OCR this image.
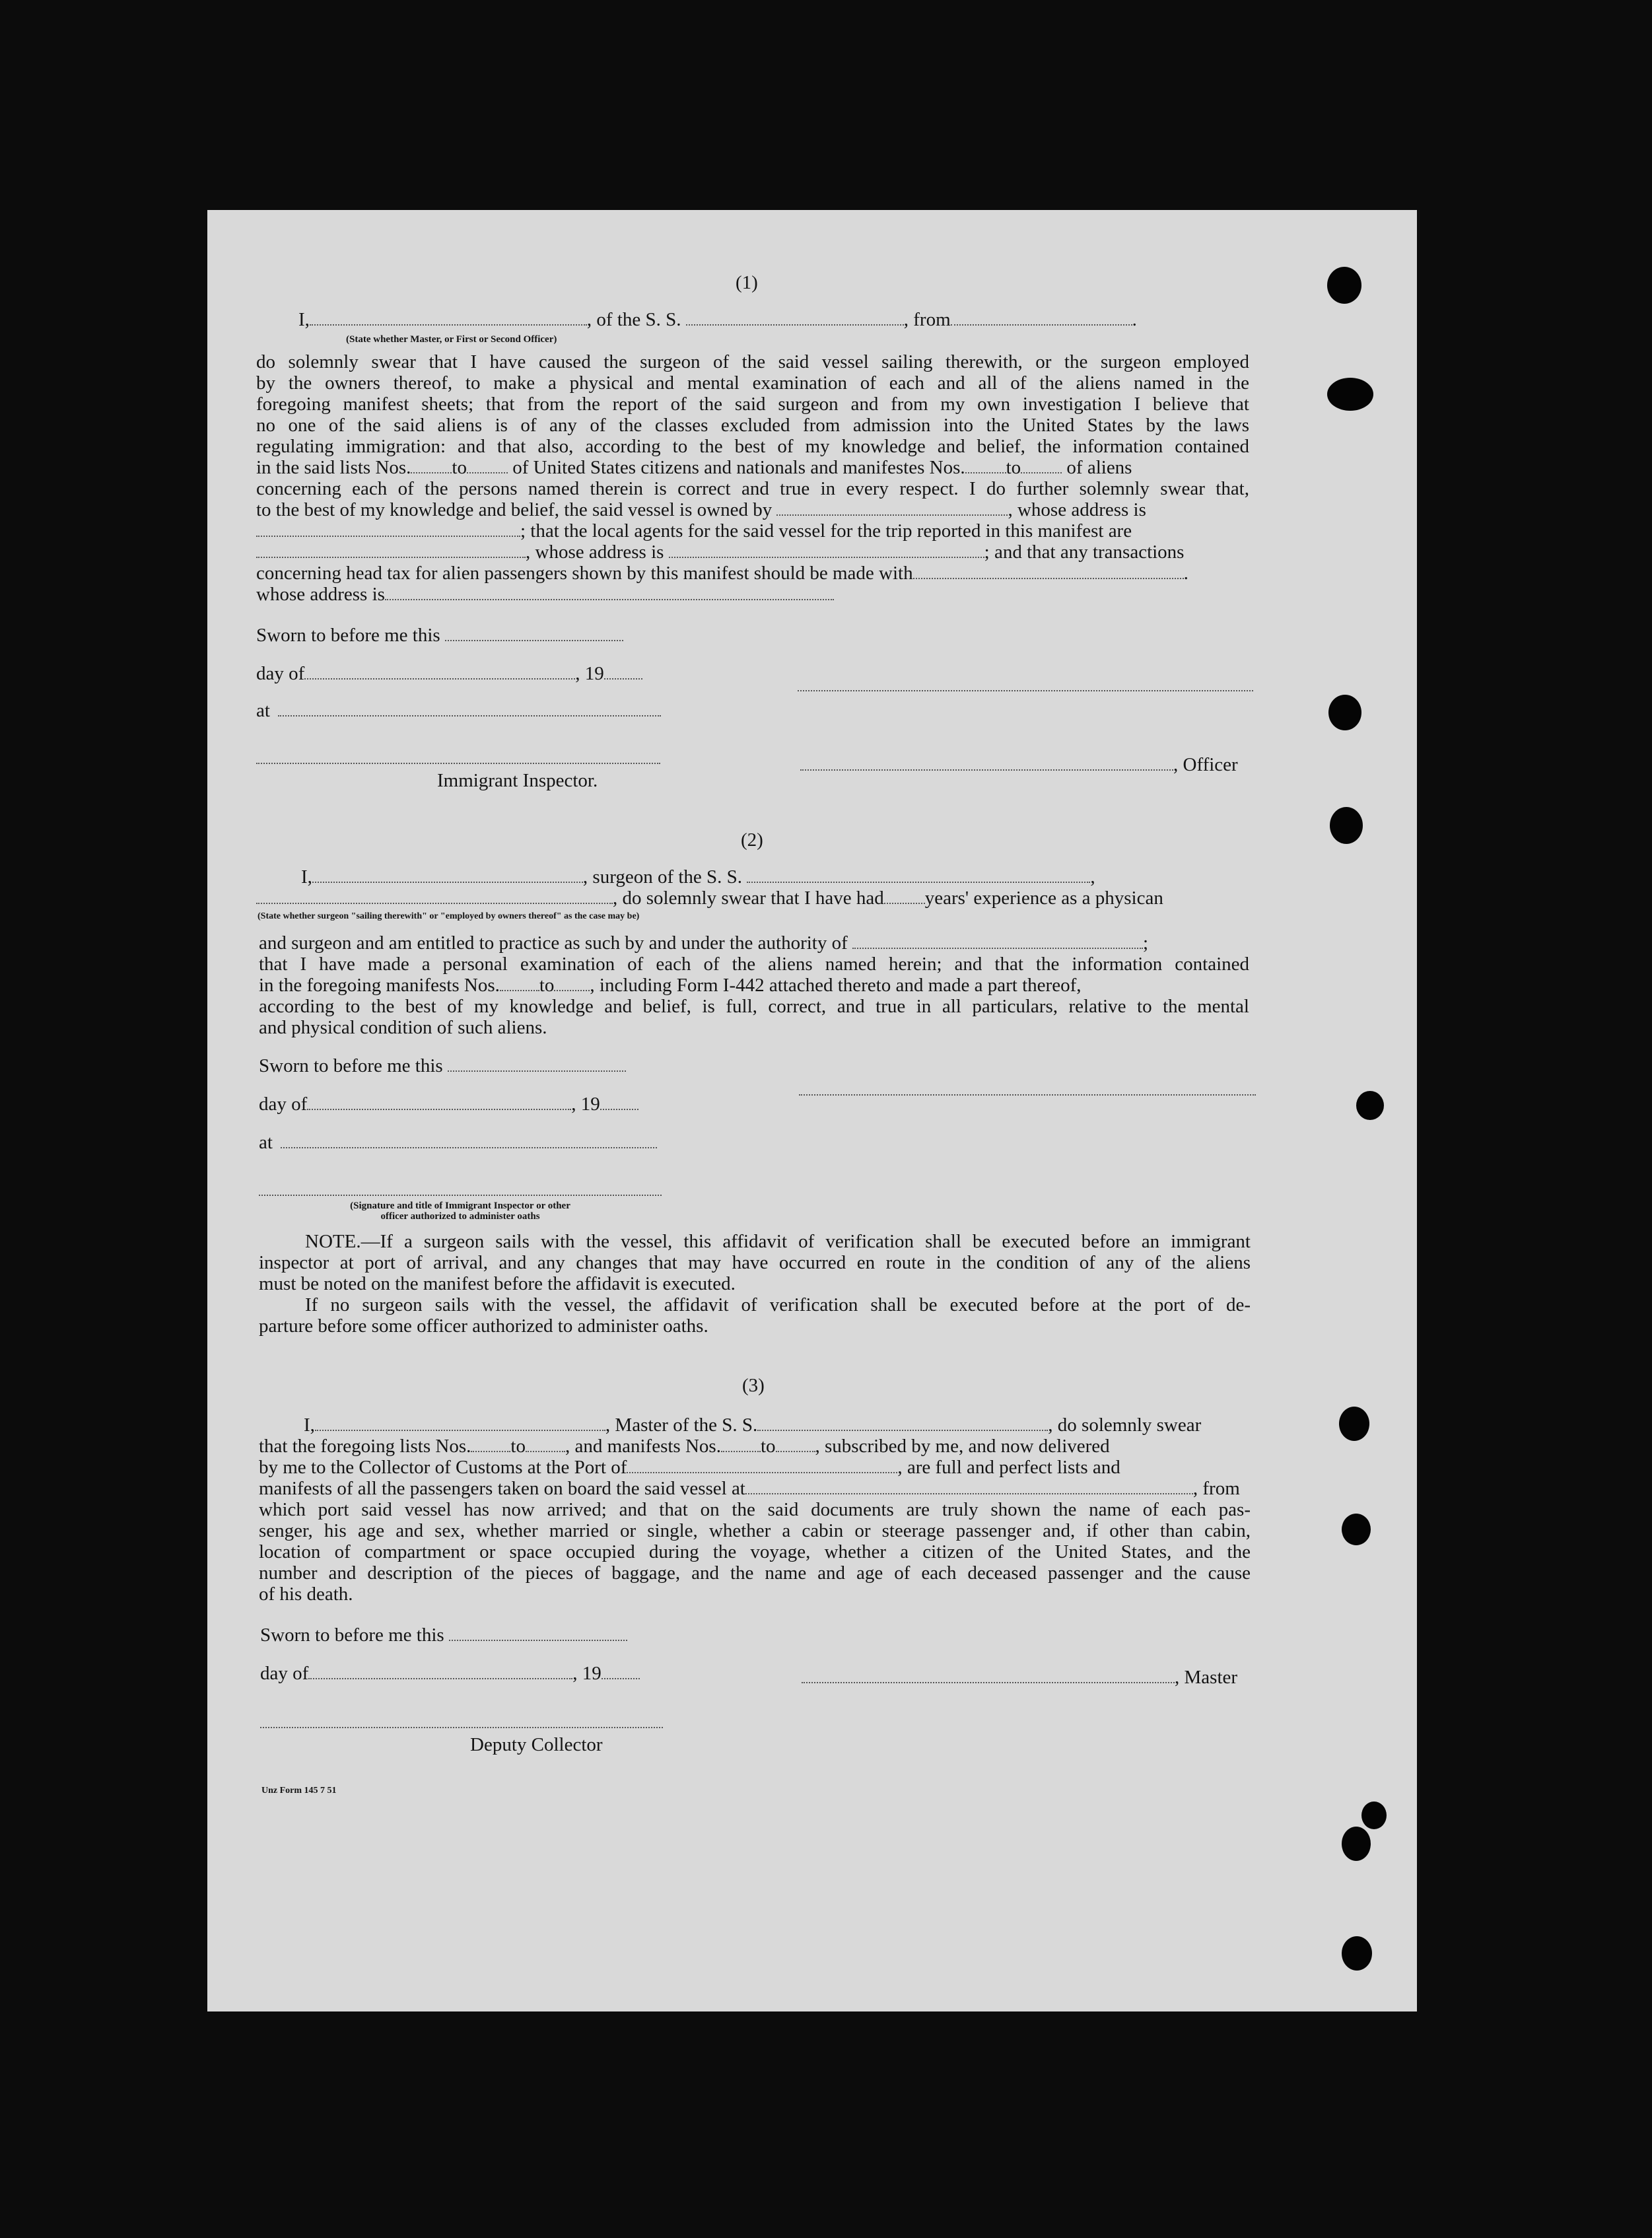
(1)
I,	, of the S. S.	, from	.
(State whether Master, or First or Second Officer)
do solemnly swear that I have caused the surgeon of the said vessel sailing therewith, or the surgeon employed
by the owners thereof, to make a physical and mental examination of each and all of the aliens named in the
foregoing manifest sheets; that from the report of the said surgeon and from my own investigation I believe that
no one of the said aliens is of any of the classes excluded from admission into the United States by the laws
regulating immigration: and that also, according to the best of my knowledge and belief, the information contained
in the said lists Nos. to of United States citizens and nationals and manifestes Nos. to of aliens
concerning each of the persons named therein is correct and true in every respect. I do further solemnly swear that,
to the best of my knowledge and belief, the said vessel is owned by	, whose address is
; that the local agents for the said vessel for the trip reported in this manifest are
, whose address is	; and that any transactions
concerning head tax for alien passengers shown by this manifest should be made with	.
whose address is
Sworn to before me this
day of	, 19
at
Immigrant Inspector.
, Officer
(2)
I,	, surgeon of the S. S.	,
, do solemnly swear that I have had years' experience as a physican
(State whether surgeon "sailing therewith" or "employed by owners thereof" as the case may be)
and surgeon and am entitled to practice as such by and under the authority of	;
that I have made a personal examination of each of the aliens named herein; and that the information contained
in the foregoing manifests Nos. to , including Form I-442 attached thereto and made a part thereof,
according to the best of my knowledge and belief, is full, correct, and true in all particulars, relative to the mental
and physical condition of such aliens.
Sworn to before me this
day of	, 19
at
(Signature and title of Immigrant Inspector or other
officer authorized to administer oaths
NOTE.—If a surgeon sails with the vessel, this affidavit of verification shall be executed before an immigrant
inspector at port of arrival, and any changes that may have occurred en route in the condition of any of the aliens
must be noted on the manifest before the affidavit is executed.
If no surgeon sails with the vessel, the affidavit of verification shall be executed before at the port of de-
parture before some officer authorized to administer oaths.
(3)
I,	, Master of the S. S.	, do solemnly swear
that the foregoing lists Nos. to , and manifests Nos. to , subscribed by me, and now delivered
by me to the Collector of Customs at the Port of	, are full and perfect lists and
manifests of all the passengers taken on board the said vessel at	, from
which port said vessel has now arrived; and that on the said documents are truly shown the name of each pas-
senger, his age and sex, whether married or single, whether a cabin or steerage passenger and, if other than cabin,
location of compartment or space occupied during the voyage, whether a citizen of the United States, and the
number and description of the pieces of baggage, and the name and age of each deceased passenger and the cause
of his death.
Sworn to before me this
day of	, 19	, Master
Deputy Collector
Unz Form 145 7 51
